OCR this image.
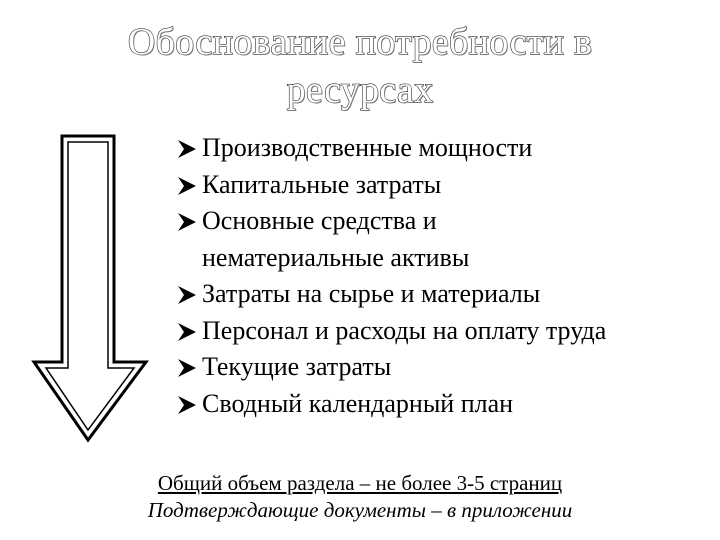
Обоснование потребности в
ресурсах
Производственные мощности
Капитальные затраты
Основные средства и
нематериальные активы
Затраты на сырье и материалы
Персонал и расходы на оплату труда
Текущие затраты
Сводный календарный план
Общий объем раздела – не более 3-5 страниц
Подтверждающие документы – в приложении
